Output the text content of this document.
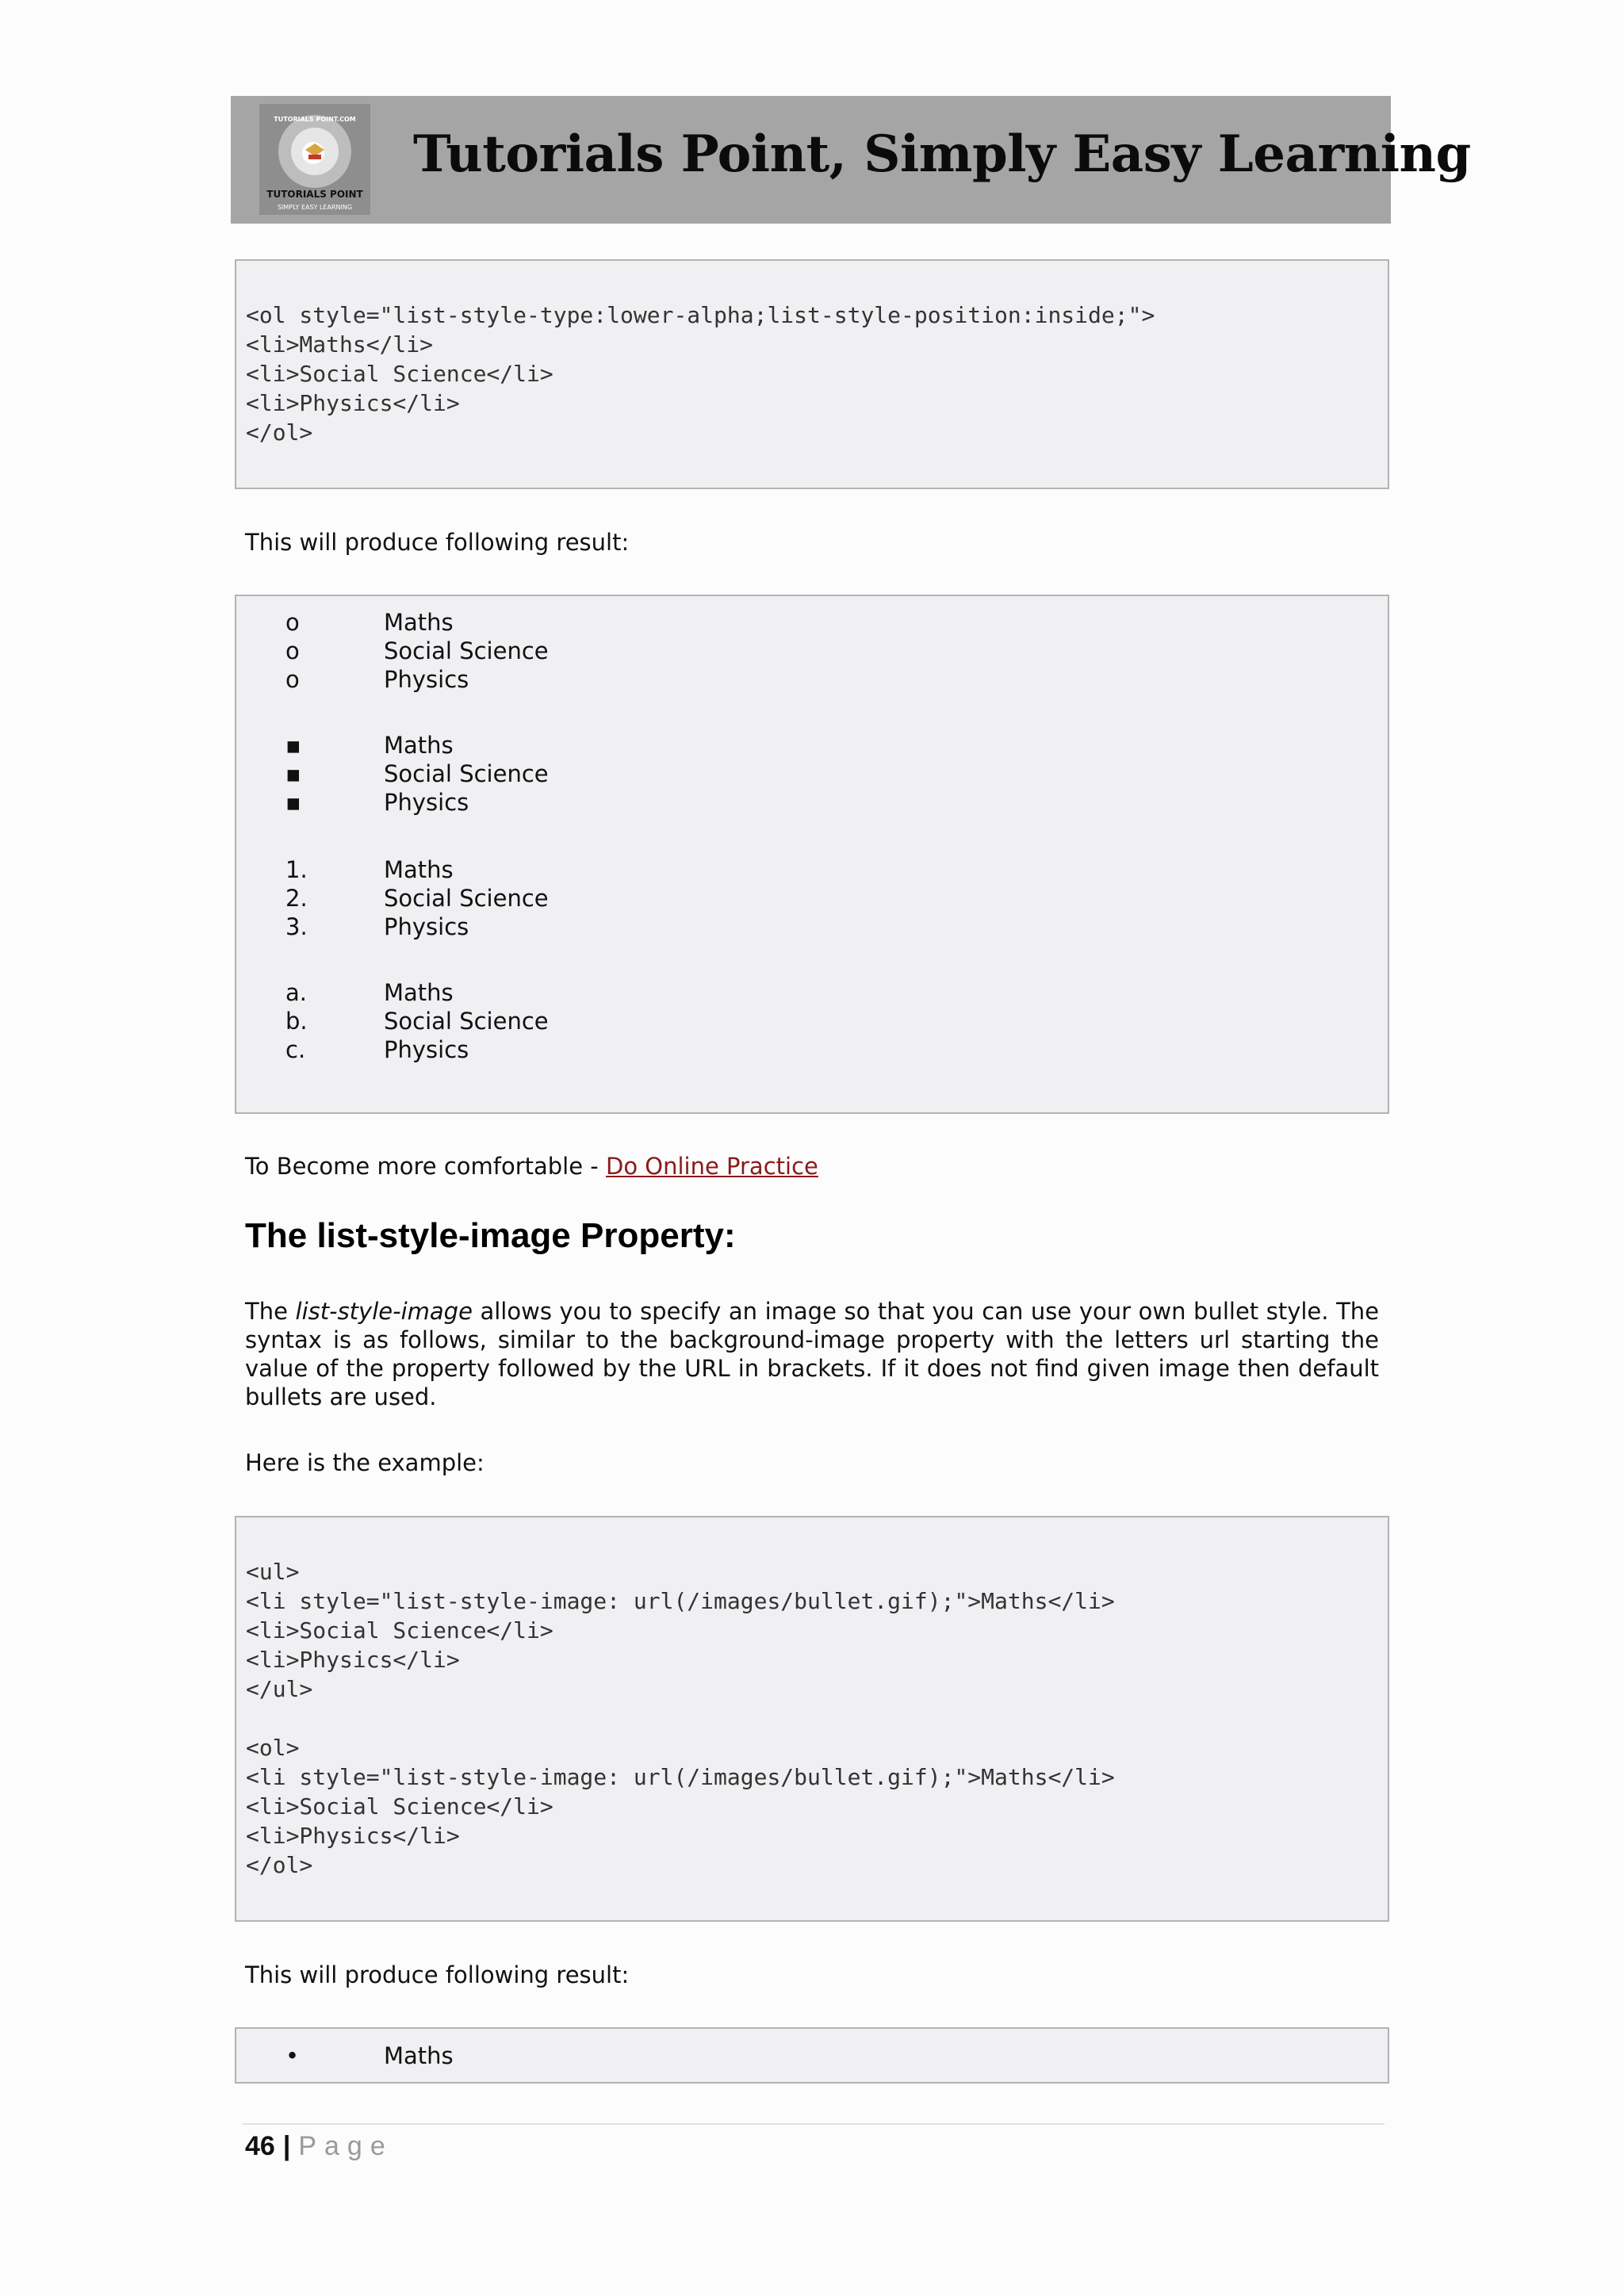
TUTORIALS POINT.COM
TUTORIALS POINT
SIMPLY EASY LEARNING
Tutorials Point, Simply Easy Learning
<ol style="list-style-type:lower-alpha;list-style-position:inside;">
<li>Maths</li>
<li>Social Science</li>
<li>Physics</li>
</ol>
This will produce following result:
o	Maths
o	Social Science
o	Physics
▪	Maths
▪	Social Science
▪	Physics
1.	Maths
2.	Social Science
3.	Physics
a.	Maths
b.	Social Science
c.	Physics
To Become more comfortable - Do Online Practice
The list-style-image Property:
The list-style-image allows you to specify an image so that you can use your own bullet style. The syntax is as follows, similar to the background-image property with the letters url starting the value of the property followed by the URL in brackets. If it does not find given image then default bullets are used.
Here is the example:
<ul>
<li style="list-style-image: url(/images/bullet.gif);">Maths</li>
<li>Social Science</li>
<li>Physics</li>
</ul>

<ol>
<li style="list-style-image: url(/images/bullet.gif);">Maths</li>
<li>Social Science</li>
<li>Physics</li>
</ol>
This will produce following result:
•	Maths
46 | Page
